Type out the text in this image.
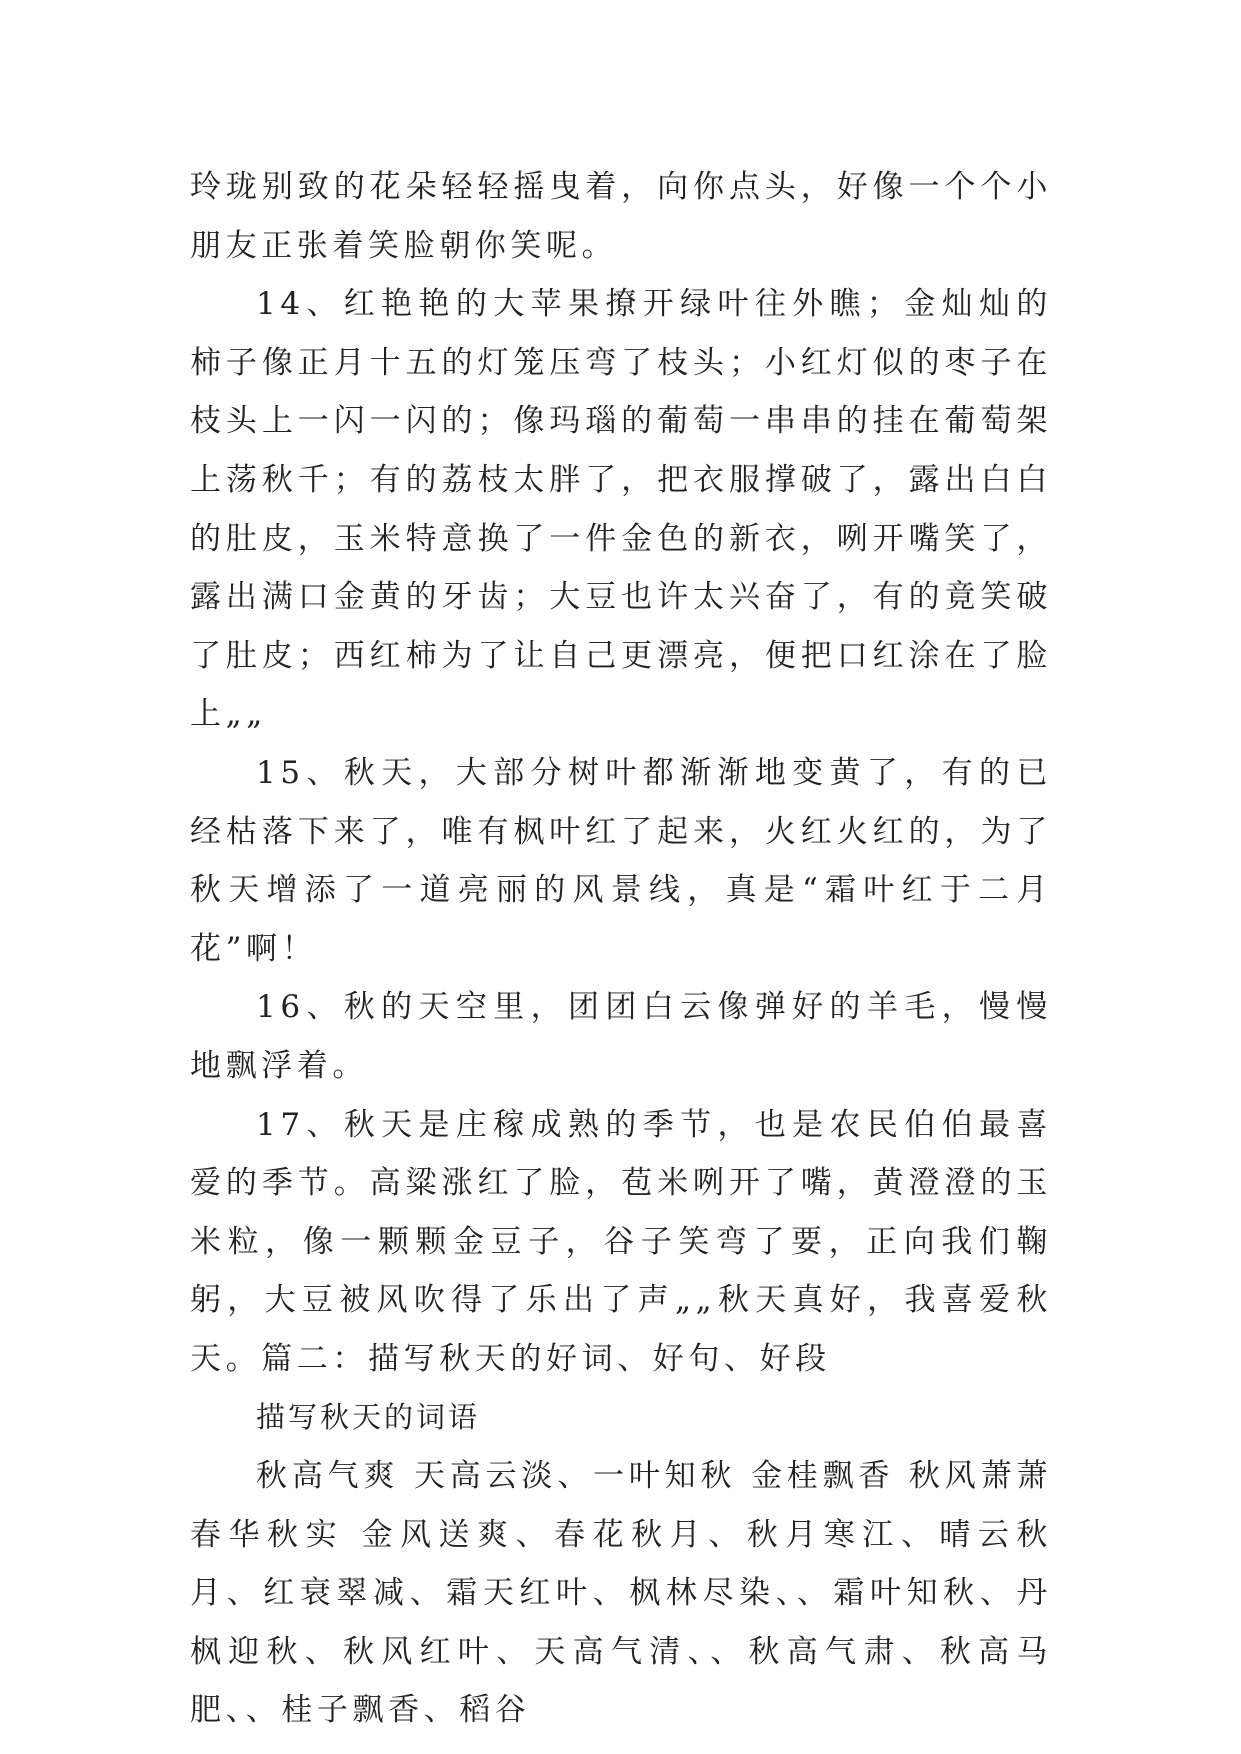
玲珑别致的花朵轻轻摇曳着，向你点头，好像一个个小朋友正张着笑脸朝你笑呢。

14、红艳艳的大苹果撩开绿叶往外瞧；金灿灿的柿子像正月十五的灯笼压弯了枝头；小红灯似的枣子在枝头上一闪一闪的；像玛瑙的葡萄一串串的挂在葡萄架上荡秋千；有的荔枝太胖了，把衣服撑破了，露出白白的肚皮，玉米特意换了一件金色的新衣，咧开嘴笑了，露出满口金黄的牙齿；大豆也许太兴奋了，有的竟笑破了肚皮；西红柿为了让自己更漂亮，便把口红涂在了脸上„„

15、秋天，大部分树叶都渐渐地变黄了，有的已经枯落下来了，唯有枫叶红了起来，火红火红的，为了秋天增添了一道亮丽的风景线，真是“霜叶红于二月花”啊！

16、秋的天空里，团团白云像弹好的羊毛，慢慢地飘浮着。

17、秋天是庄稼成熟的季节，也是农民伯伯最喜爱的季节。高粱涨红了脸，苞米咧开了嘴，黄澄澄的玉米粒，像一颗颗金豆子，谷子笑弯了要，正向我们鞠躬，大豆被风吹得了乐出了声„„秋天真好，我喜爱秋天。篇二：描写秋天的好词、好句、好段

描写秋天的词语

秋高气爽 天高云淡、一叶知秋 金桂飘香 秋风萧萧 春华秋实 金风送爽、春花秋月、秋月寒江、晴云秋月、红衰翠减、霜天红叶、枫林尽染、、霜叶知秋、丹枫迎秋、秋风红叶、天高气清、、秋高气肃、秋高马肥、、桂子飘香、稻谷
